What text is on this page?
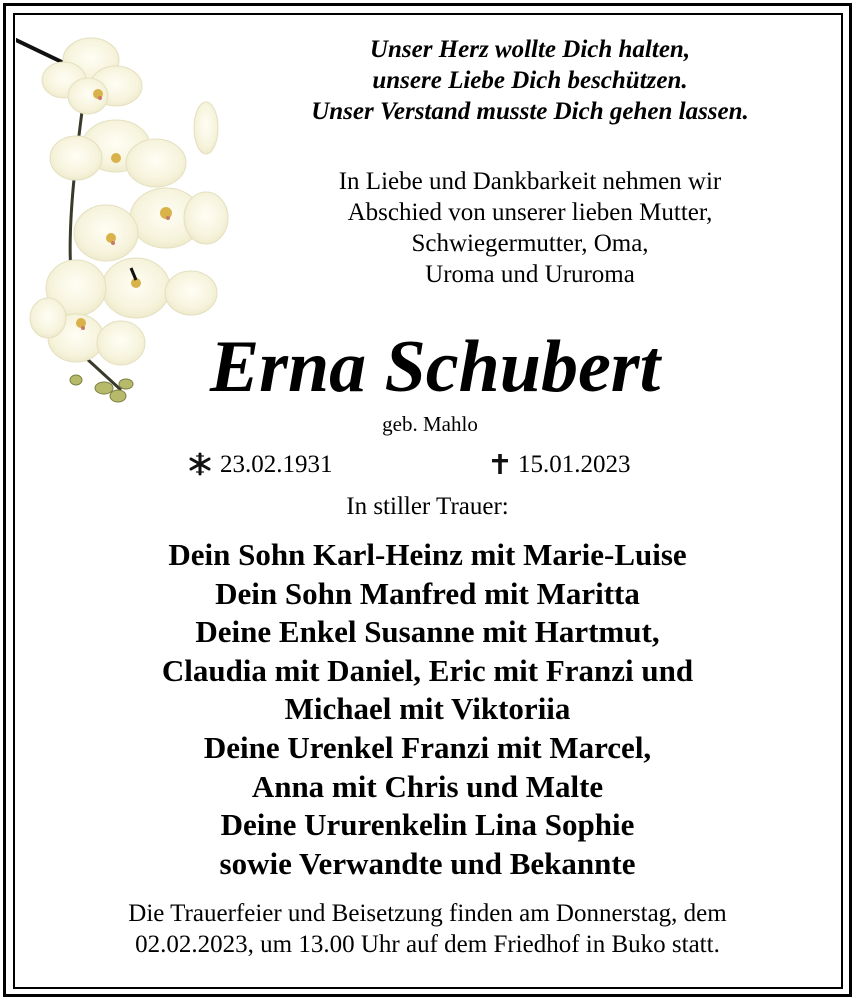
Unser Herz wollte Dich halten,
unsere Liebe Dich beschützen.
Unser Verstand musste Dich gehen lassen.
In Liebe und Dankbarkeit nehmen wir
Abschied von unserer lieben Mutter,
Schwiegermutter, Oma,
Uroma und Ururoma
Erna Schubert
geb. Mahlo
23.02.1931	15.01.2023
In stiller Trauer:
Dein Sohn Karl-Heinz mit Marie-Luise
Dein Sohn Manfred mit Maritta
Deine Enkel Susanne mit Hartmut,
Claudia mit Daniel, Eric mit Franzi und
Michael mit Viktoriia
Deine Urenkel Franzi mit Marcel,
Anna mit Chris und Malte
Deine Ururenkelin Lina Sophie
sowie Verwandte und Bekannte
Die Trauerfeier und Beisetzung finden am Donnerstag, dem
02.02.2023, um 13.00 Uhr auf dem Friedhof in Buko statt.
